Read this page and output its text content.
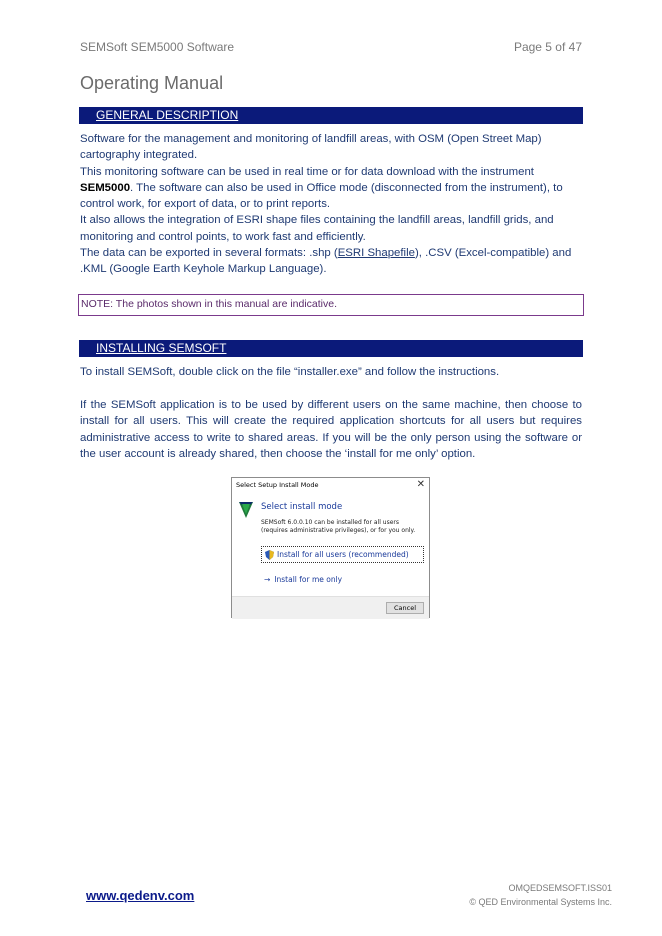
SEMSoft SEM5000 Software	Page 5 of 47
Operating Manual
GENERAL DESCRIPTION

Software for the management and monitoring of landfill areas, with OSM (Open Street Map) cartography integrated.

This monitoring software can be used in real time or for data download with the instrument SEM5000. The software can also be used in Office mode (disconnected from the instrument), to control work, for export of data, or to print reports.

It also allows the integration of ESRI shape files containing the landfill areas, landfill grids, and monitoring and control points, to work fast and efficiently.

The data can be exported in several formats: .shp (ESRI Shapefile), .CSV (Excel-compatible) and .KML (Google Earth Keyhole Markup Language).

NOTE: The photos shown in this manual are indicative.
INSTALLING SEMSOFT

To install SEMSoft, double click on the file “installer.exe” and follow the instructions.

If the SEMSoft application is to be used by different users on the same machine, then choose to install for all users. This will create the required application shortcuts for all users but requires administrative access to write to shared areas. If you will be the only person using the software or the user account is already shared, then choose the ‘install for me only’ option.

Select Setup Install Mode	✕
Select install mode
SEMSoft 6.0.0.10 can be installed for all users (requires administrative privileges), or for you only.
Install for all users (recommended)
→ Install for me only
Cancel
www.qedenv.com	OMQEDSEMSOFT.ISS01
© QED Environmental Systems Inc.
